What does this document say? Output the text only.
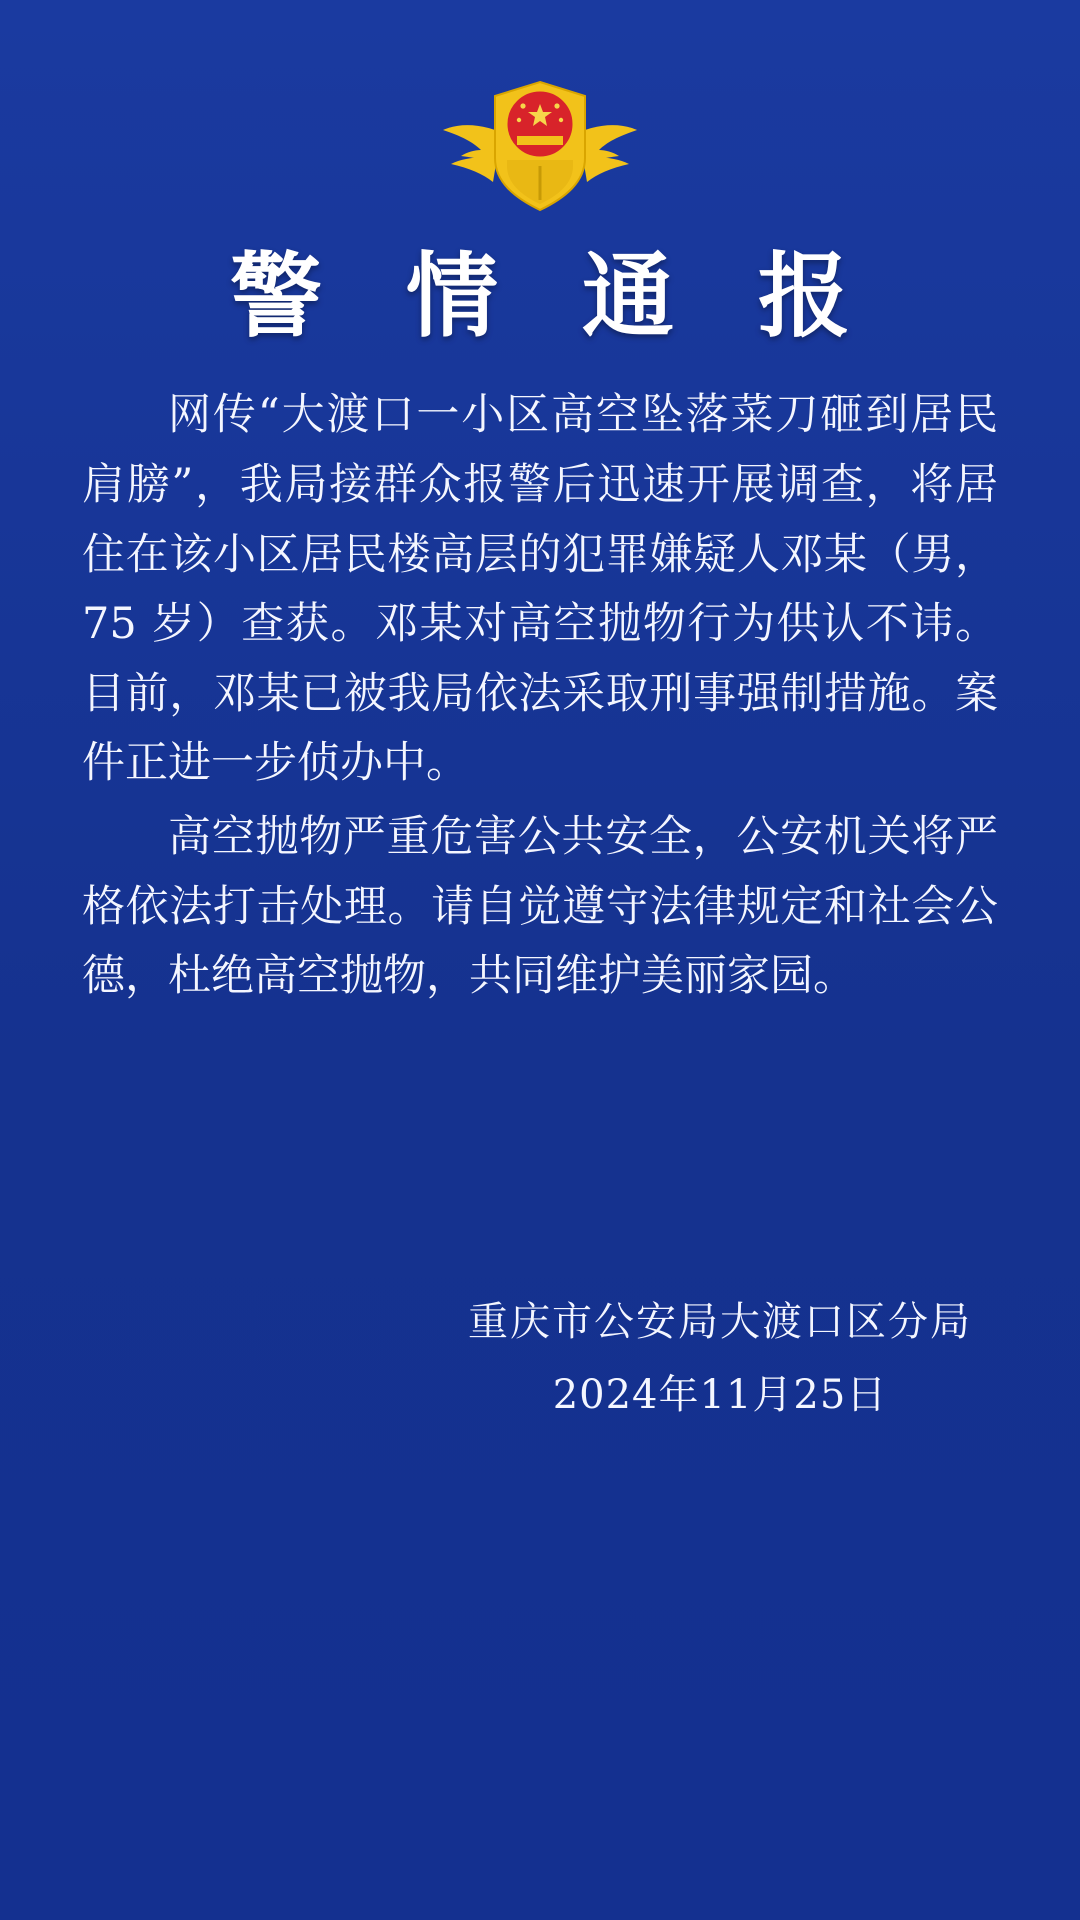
警 情 通 报

网传“大渡口一小区高空坠落菜刀砸到居民肩膀”，我局接群众报警后迅速开展调查，将居住在该小区居民楼高层的犯罪嫌疑人邓某（男，75 岁）查获。邓某对高空抛物行为供认不讳。目前，邓某已被我局依法采取刑事强制措施。案件正进一步侦办中。

高空抛物严重危害公共安全，公安机关将严格依法打击处理。请自觉遵守法律规定和社会公德，杜绝高空抛物，共同维护美丽家园。

重庆市公安局大渡口区分局
2024年11月25日
